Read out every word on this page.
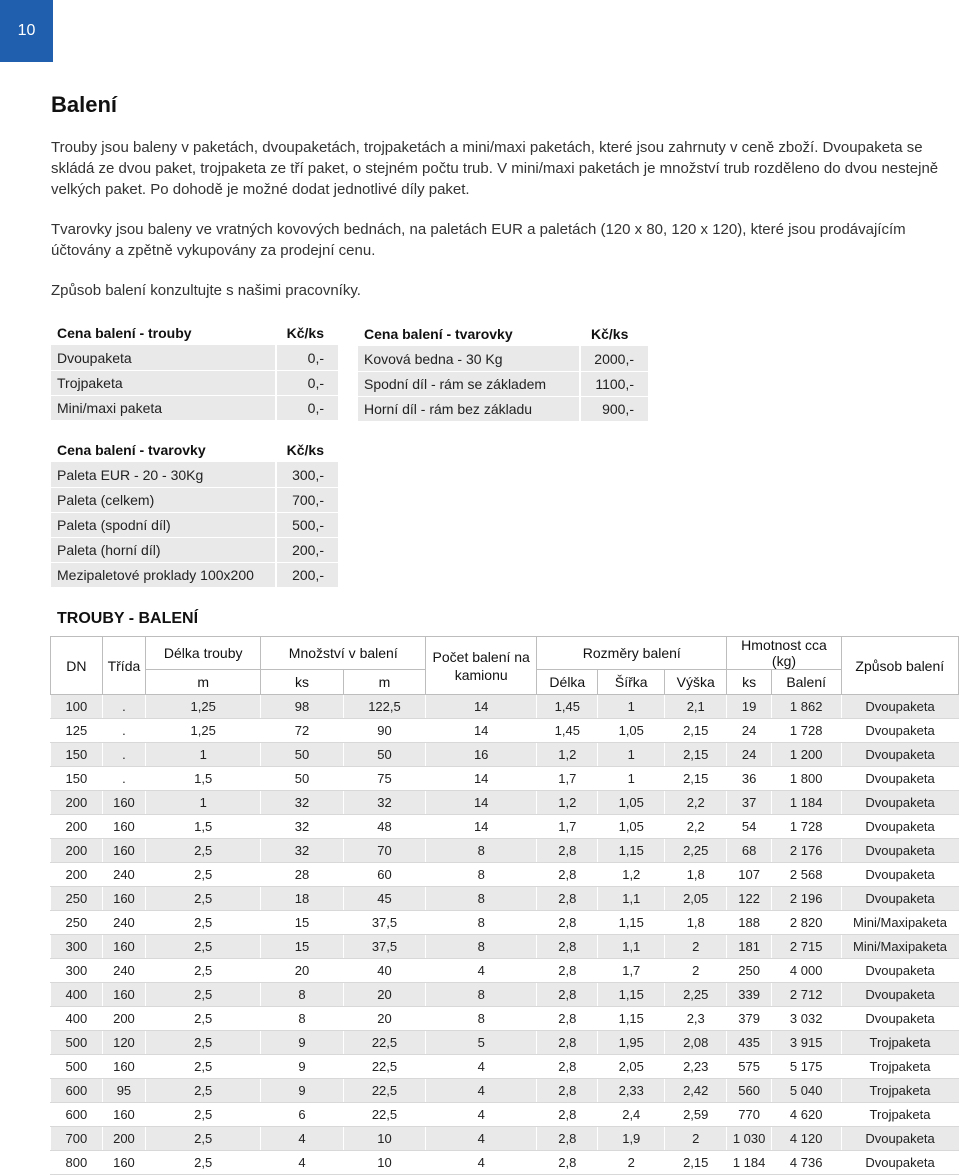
10
Balení

Trouby jsou baleny v paketách, dvoupaketách, trojpaketách a mini/maxi paketách, které jsou zahrnuty v ceně zboží. Dvoupaketa se skládá ze dvou paket, trojpaketa ze tří paket, o stejném počtu trub. V mini/maxi paketách je množství trub rozděleno do dvou nestejně velkých paket. Po dohodě je možné dodat jednotlivé díly paket.

Tvarovky jsou baleny ve vratných kovových bednách, na paletách EUR a paletách (120 x 80, 120 x 120), které jsou prodávajícím účtovány a zpětně vykupovány za prodejní cenu.

Způsob balení konzultujte s našimi pracovníky.

Cena balení - trouby	Kč/ks
Dvoupaketa	0,-
Trojpaketa	0,-
Mini/maxi paketa	0,-
Cena balení - tvarovky	Kč/ks
Kovová bedna - 30 Kg	2000,-
Spodní díl - rám se základem	1100,-
Horní díl - rám bez základu	900,-
Cena balení - tvarovky	Kč/ks
Paleta EUR - 20 - 30Kg	300,-
Paleta (celkem)	700,-
Paleta (spodní díl)	500,-
Paleta (horní díl)	200,-
Mezipaletové proklady 100x200	200,-
TROUBY - BALENÍ
DN	Třída	Délka trouby	Množství v balení		Počet balení na kamionu	Rozměry balení			Hmotnost cca (kg)		Způsob balení
		m	ks	m		Délka	Šířka	Výška	ks	Balení	
100	.	1,25	98	122,5	14	1,45	1	2,1	19	1 862	Dvoupaketa
125	.	1,25	72	90	14	1,45	1,05	2,15	24	1 728	Dvoupaketa
150	.	1	50	50	16	1,2	1	2,15	24	1 200	Dvoupaketa
150	.	1,5	50	75	14	1,7	1	2,15	36	1 800	Dvoupaketa
200	160	1	32	32	14	1,2	1,05	2,2	37	1 184	Dvoupaketa
200	160	1,5	32	48	14	1,7	1,05	2,2	54	1 728	Dvoupaketa
200	160	2,5	32	70	8	2,8	1,15	2,25	68	2 176	Dvoupaketa
200	240	2,5	28	60	8	2,8	1,2	1,8	107	2 568	Dvoupaketa
250	160	2,5	18	45	8	2,8	1,1	2,05	122	2 196	Dvoupaketa
250	240	2,5	15	37,5	8	2,8	1,15	1,8	188	2 820	Mini/Maxipaketa
300	160	2,5	15	37,5	8	2,8	1,1	2	181	2 715	Mini/Maxipaketa
300	240	2,5	20	40	4	2,8	1,7	2	250	4 000	Dvoupaketa
400	160	2,5	8	20	8	2,8	1,15	2,25	339	2 712	Dvoupaketa
400	200	2,5	8	20	8	2,8	1,15	2,3	379	3 032	Dvoupaketa
500	120	2,5	9	22,5	5	2,8	1,95	2,08	435	3 915	Trojpaketa
500	160	2,5	9	22,5	4	2,8	2,05	2,23	575	5 175	Trojpaketa
600	95	2,5	9	22,5	4	2,8	2,33	2,42	560	5 040	Trojpaketa
600	160	2,5	6	22,5	4	2,8	2,4	2,59	770	4 620	Trojpaketa
700	200	2,5	4	10	4	2,8	1,9	2	1 030	4 120	Dvoupaketa
800	160	2,5	4	10	4	2,8	2	2,15	1 184	4 736	Dvoupaketa
